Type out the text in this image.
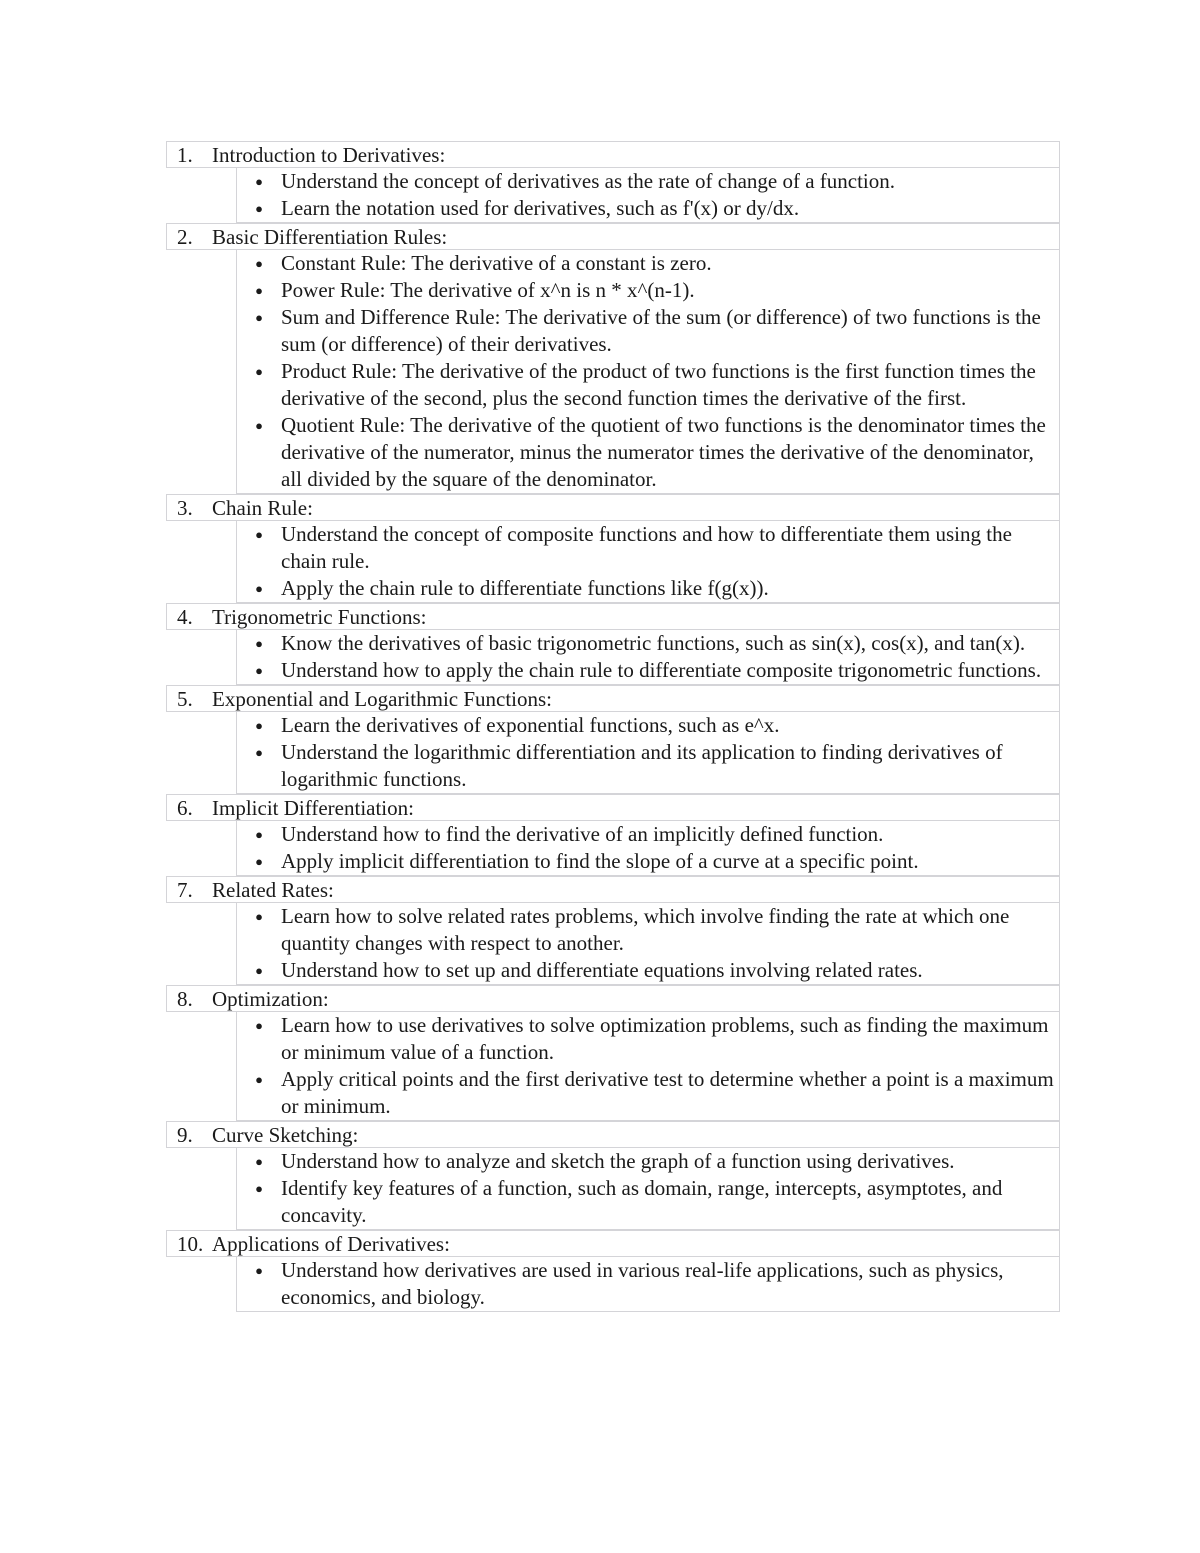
1. Introduction to Derivatives:
● Understand the concept of derivatives as the rate of change of a function.
● Learn the notation used for derivatives, such as f'(x) or dy/dx.
2. Basic Differentiation Rules:
● Constant Rule: The derivative of a constant is zero.
● Power Rule: The derivative of x^n is n * x^(n-1).
● Sum and Difference Rule: The derivative of the sum (or difference) of two functions is the sum (or difference) of their derivatives.
● Product Rule: The derivative of the product of two functions is the first function times the derivative of the second, plus the second function times the derivative of the first.
● Quotient Rule: The derivative of the quotient of two functions is the denominator times the derivative of the numerator, minus the numerator times the derivative of the denominator, all divided by the square of the denominator.
3. Chain Rule:
● Understand the concept of composite functions and how to differentiate them using the chain rule.
● Apply the chain rule to differentiate functions like f(g(x)).
4. Trigonometric Functions:
● Know the derivatives of basic trigonometric functions, such as sin(x), cos(x), and tan(x).
● Understand how to apply the chain rule to differentiate composite trigonometric functions.
5. Exponential and Logarithmic Functions:
● Learn the derivatives of exponential functions, such as e^x.
● Understand the logarithmic differentiation and its application to finding derivatives of logarithmic functions.
6. Implicit Differentiation:
● Understand how to find the derivative of an implicitly defined function.
● Apply implicit differentiation to find the slope of a curve at a specific point.
7. Related Rates:
● Learn how to solve related rates problems, which involve finding the rate at which one quantity changes with respect to another.
● Understand how to set up and differentiate equations involving related rates.
8. Optimization:
● Learn how to use derivatives to solve optimization problems, such as finding the maximum or minimum value of a function.
● Apply critical points and the first derivative test to determine whether a point is a maximum or minimum.
9. Curve Sketching:
● Understand how to analyze and sketch the graph of a function using derivatives.
● Identify key features of a function, such as domain, range, intercepts, asymptotes, and concavity.
10. Applications of Derivatives:
● Understand how derivatives are used in various real-life applications, such as physics, economics, and biology.
